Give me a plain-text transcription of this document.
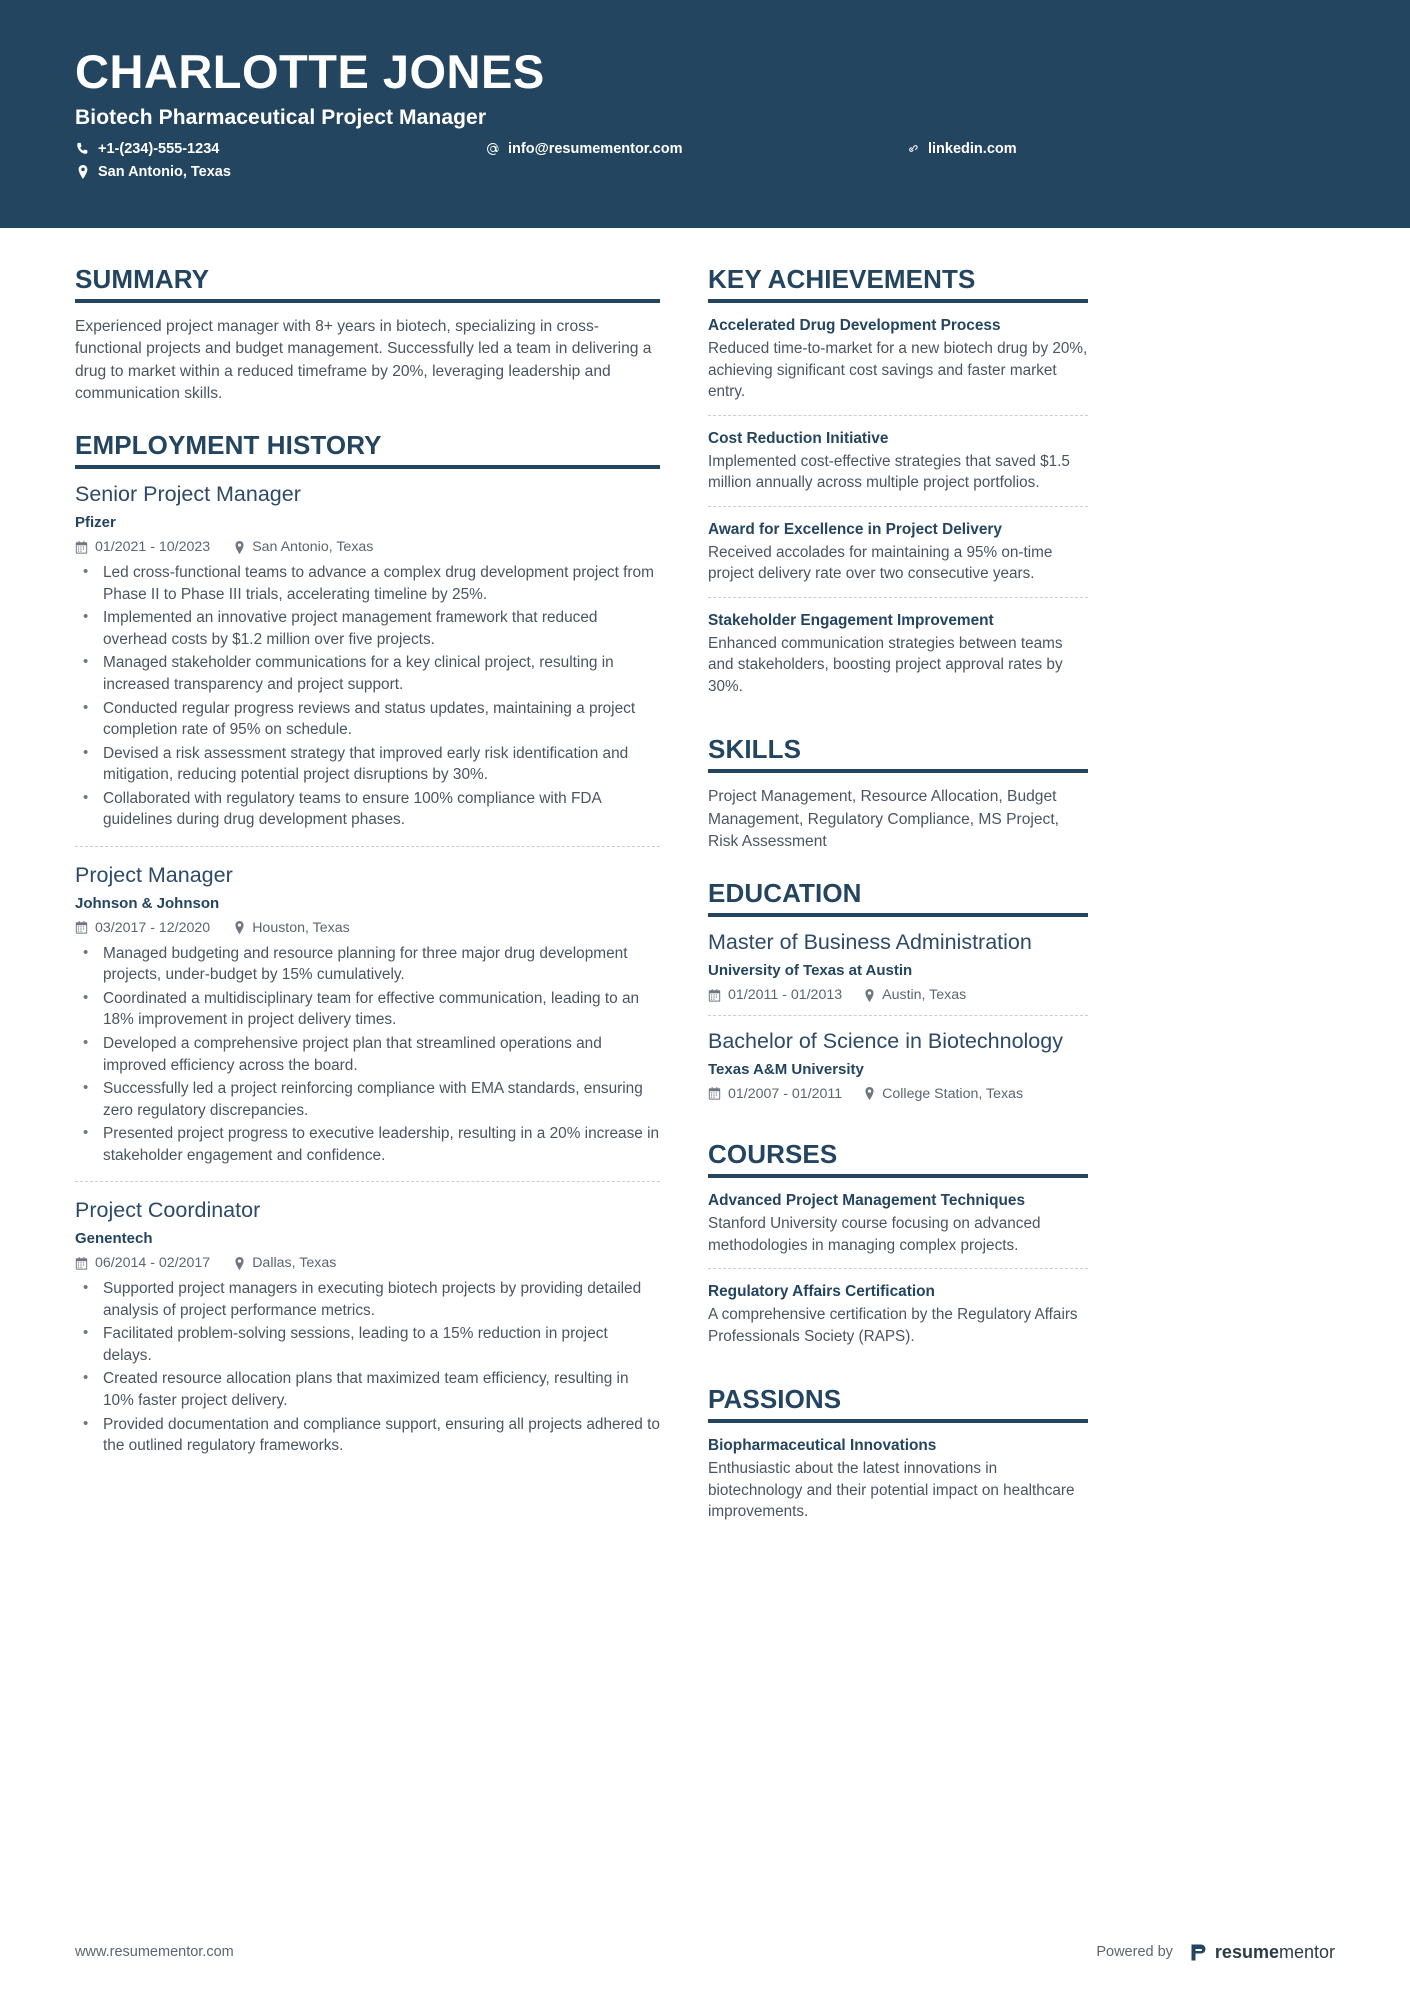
CHARLOTTE JONES
Biotech Pharmaceutical Project Manager
+1-(234)-555-1234	info@resumementor.com	linkedin.com
San Antonio, Texas
SUMMARY

Experienced project manager with 8+ years in biotech, specializing in cross-functional projects and budget management. Successfully led a team in delivering a drug to market within a reduced timeframe by 20%, leveraging leadership and communication skills.

EMPLOYMENT HISTORY
Senior Project Manager
Pfizer
01/2021 - 10/2023	San Antonio, Texas
• Led cross-functional teams to advance a complex drug development project from Phase II to Phase III trials, accelerating timeline by 25%.
• Implemented an innovative project management framework that reduced overhead costs by $1.2 million over five projects.
• Managed stakeholder communications for a key clinical project, resulting in increased transparency and project support.
• Conducted regular progress reviews and status updates, maintaining a project completion rate of 95% on schedule.
• Devised a risk assessment strategy that improved early risk identification and mitigation, reducing potential project disruptions by 30%.
• Collaborated with regulatory teams to ensure 100% compliance with FDA guidelines during drug development phases.
Project Manager
Johnson & Johnson
03/2017 - 12/2020	Houston, Texas
• Managed budgeting and resource planning for three major drug development projects, under-budget by 15% cumulatively.
• Coordinated a multidisciplinary team for effective communication, leading to an 18% improvement in project delivery times.
• Developed a comprehensive project plan that streamlined operations and improved efficiency across the board.
• Successfully led a project reinforcing compliance with EMA standards, ensuring zero regulatory discrepancies.
• Presented project progress to executive leadership, resulting in a 20% increase in stakeholder engagement and confidence.
Project Coordinator
Genentech
06/2014 - 02/2017	Dallas, Texas
• Supported project managers in executing biotech projects by providing detailed analysis of project performance metrics.
• Facilitated problem-solving sessions, leading to a 15% reduction in project delays.
• Created resource allocation plans that maximized team efficiency, resulting in 10% faster project delivery.
• Provided documentation and compliance support, ensuring all projects adhered to the outlined regulatory frameworks.
KEY ACHIEVEMENTS
Accelerated Drug Development Process
Reduced time-to-market for a new biotech drug by 20%, achieving significant cost savings and faster market entry.
Cost Reduction Initiative
Implemented cost-effective strategies that saved $1.5 million annually across multiple project portfolios.
Award for Excellence in Project Delivery
Received accolades for maintaining a 95% on-time project delivery rate over two consecutive years.
Stakeholder Engagement Improvement
Enhanced communication strategies between teams and stakeholders, boosting project approval rates by 30%.
SKILLS

Project Management, Resource Allocation, Budget Management, Regulatory Compliance, MS Project, Risk Assessment

EDUCATION
Master of Business Administration
University of Texas at Austin
01/2011 - 01/2013	Austin, Texas
Bachelor of Science in Biotechnology
Texas A&M University
01/2007 - 01/2011	College Station, Texas
COURSES
Advanced Project Management Techniques
Stanford University course focusing on advanced methodologies in managing complex projects.
Regulatory Affairs Certification
A comprehensive certification by the Regulatory Affairs Professionals Society (RAPS).
PASSIONS
Biopharmaceutical Innovations
Enthusiastic about the latest innovations in biotechnology and their potential impact on healthcare improvements.
www.resumementor.com	Powered by resumementor
